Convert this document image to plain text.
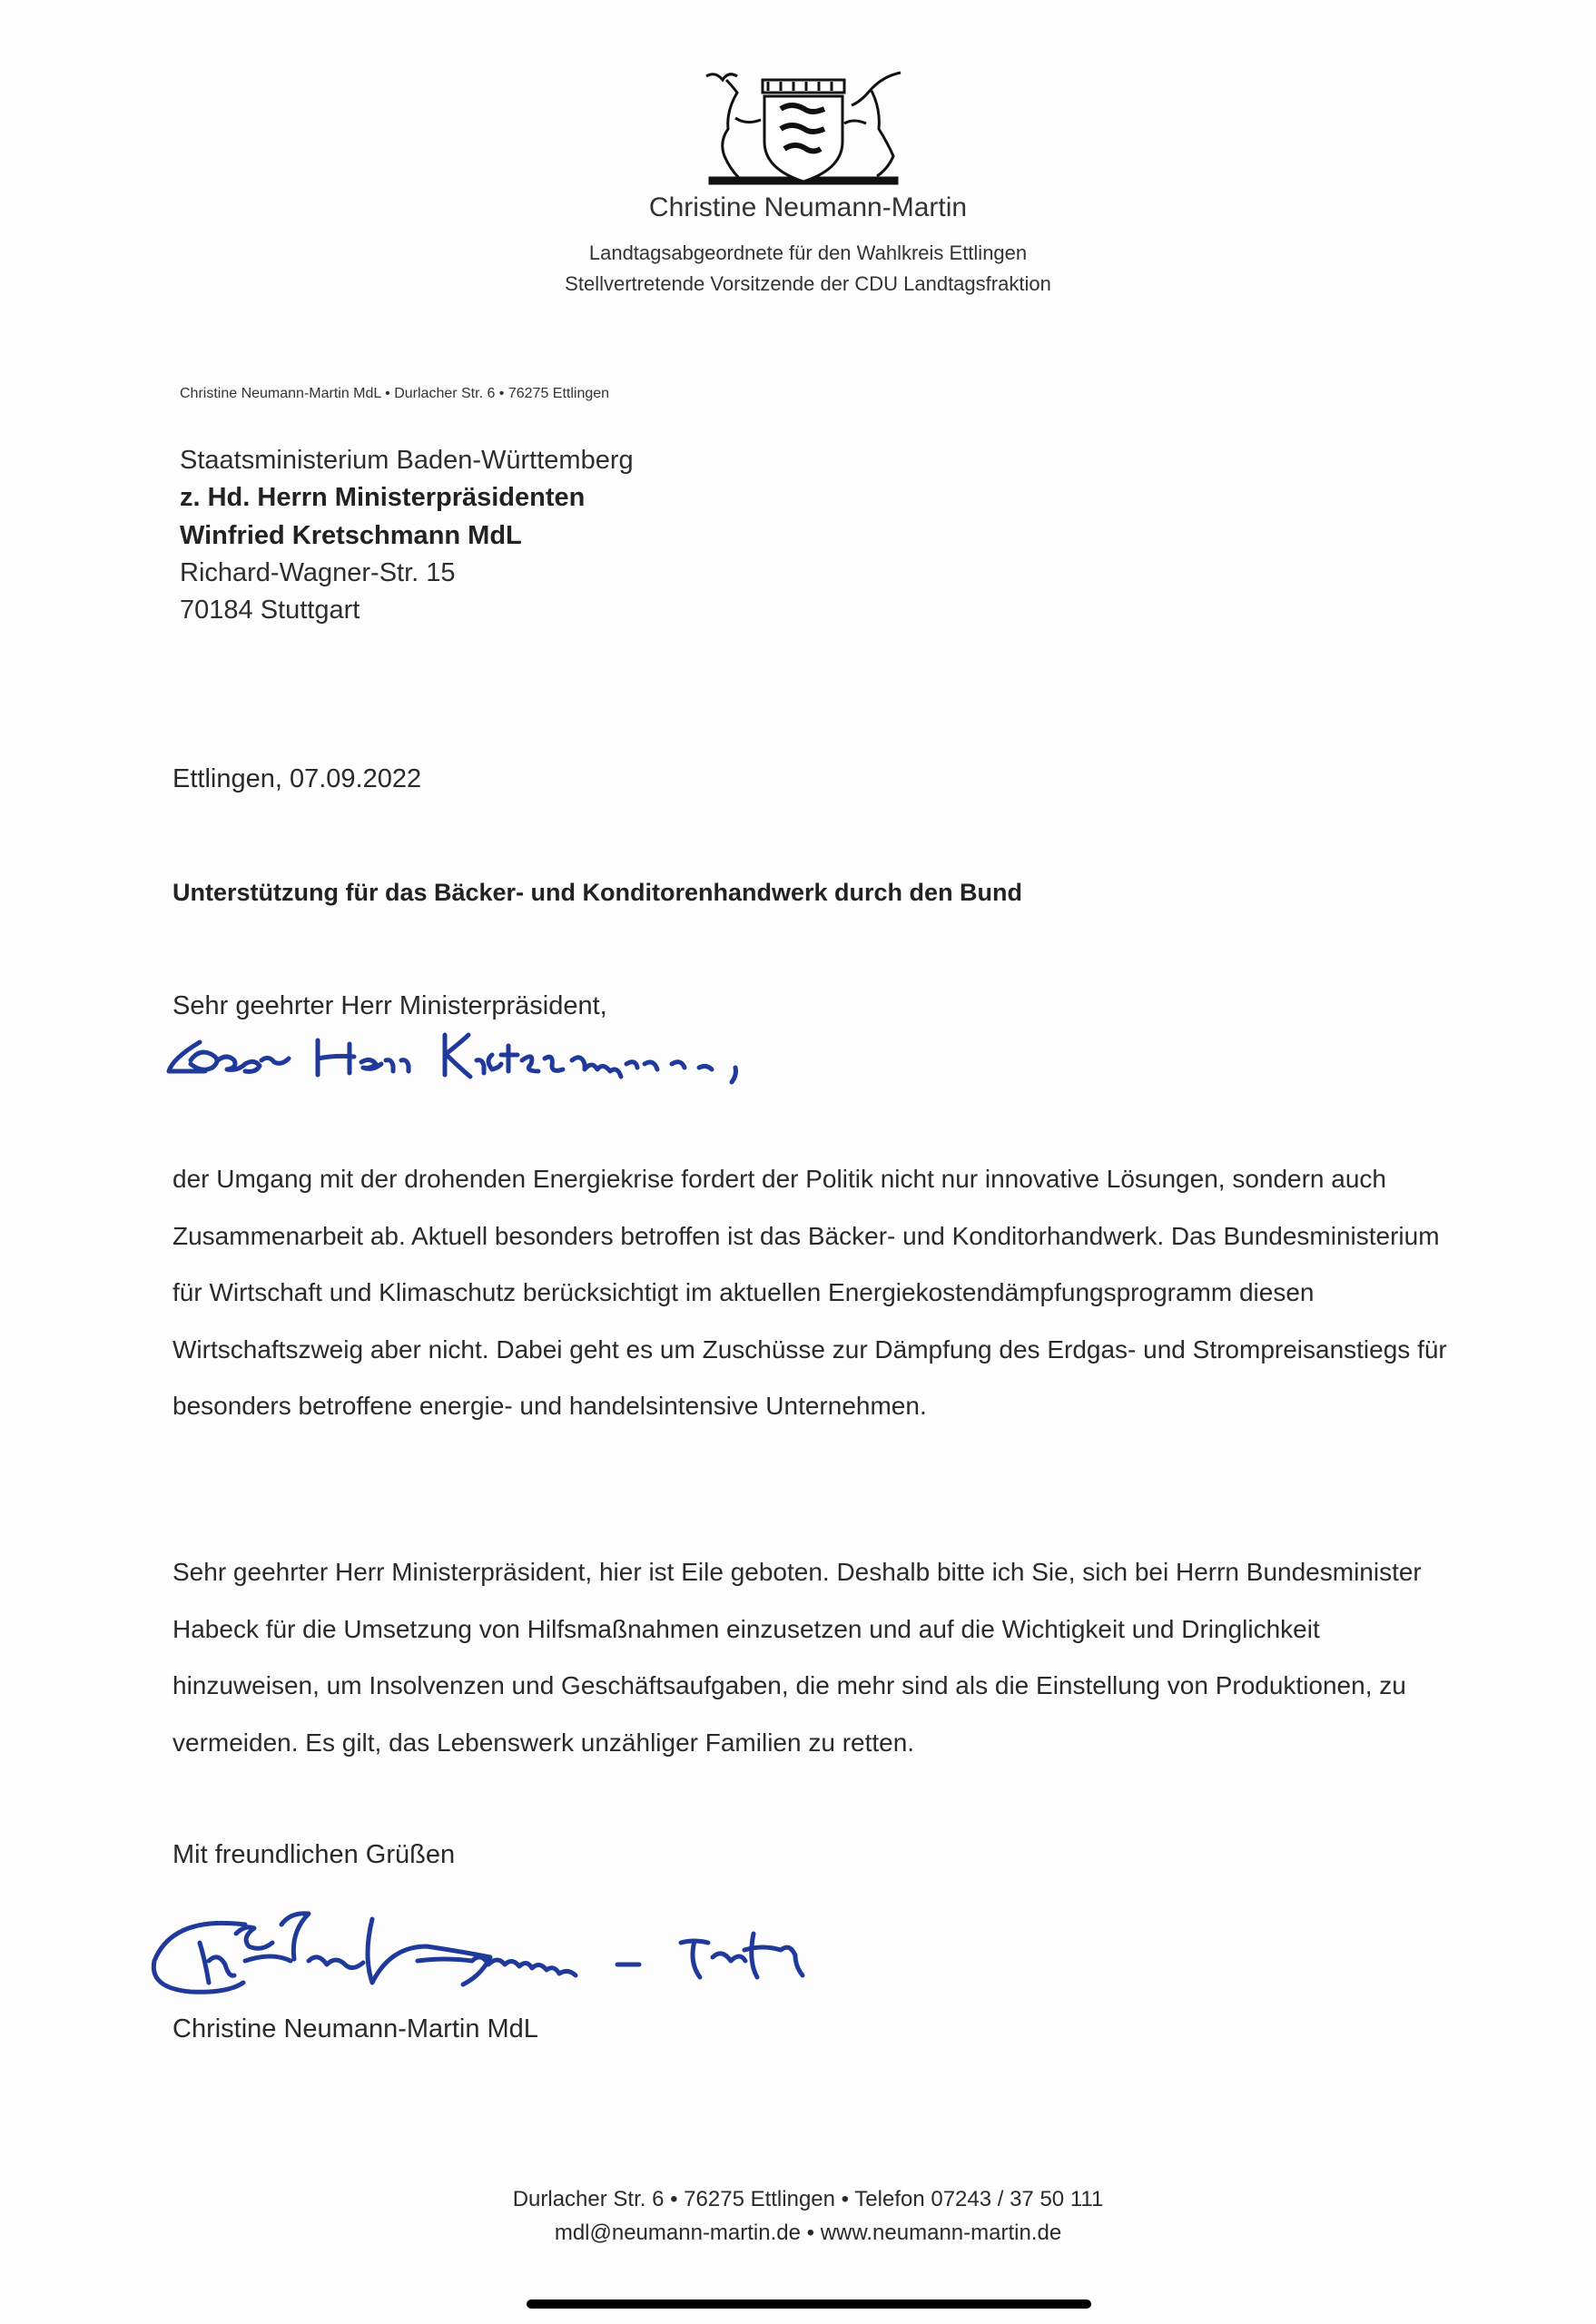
Christine Neumann-Martin
Landtagsabgeordnete für den Wahlkreis Ettlingen
Stellvertretende Vorsitzende der CDU Landtagsfraktion
Christine Neumann-Martin MdL • Durlacher Str. 6 • 76275 Ettlingen
Staatsministerium Baden-Württemberg
z. Hd. Herrn Ministerpräsidenten
Winfried Kretschmann MdL
Richard-Wagner-Str. 15
70184 Stuttgart
Ettlingen, 07.09.2022
Unterstützung für das Bäcker- und Konditorenhandwerk durch den Bund
Sehr geehrter Herr Ministerpräsident,
der Umgang mit der drohenden Energiekrise fordert der Politik nicht nur innovative Lösungen, sondern auch Zusammenarbeit ab. Aktuell besonders betroffen ist das Bäcker- und Konditorhandwerk. Das Bundesministerium für Wirtschaft und Klimaschutz berücksichtigt im aktuellen Energiekostendämpfungsprogramm diesen Wirtschaftszweig aber nicht. Dabei geht es um Zuschüsse zur Dämpfung des Erdgas- und Strompreisanstiegs für besonders betroffene energie- und handelsintensive Unternehmen.
Sehr geehrter Herr Ministerpräsident, hier ist Eile geboten. Deshalb bitte ich Sie, sich bei Herrn Bundesminister Habeck für die Umsetzung von Hilfsmaßnahmen einzusetzen und auf die Wichtigkeit und Dringlichkeit hinzuweisen, um Insolvenzen und Geschäftsaufgaben, die mehr sind als die Einstellung von Produktionen, zu vermeiden. Es gilt, das Lebenswerk unzähliger Familien zu retten.
Mit freundlichen Grüßen
Christine Neumann-Martin MdL
Durlacher Str. 6 • 76275 Ettlingen • Telefon 07243 / 37 50 111
mdl@neumann-martin.de • www.neumann-martin.de
